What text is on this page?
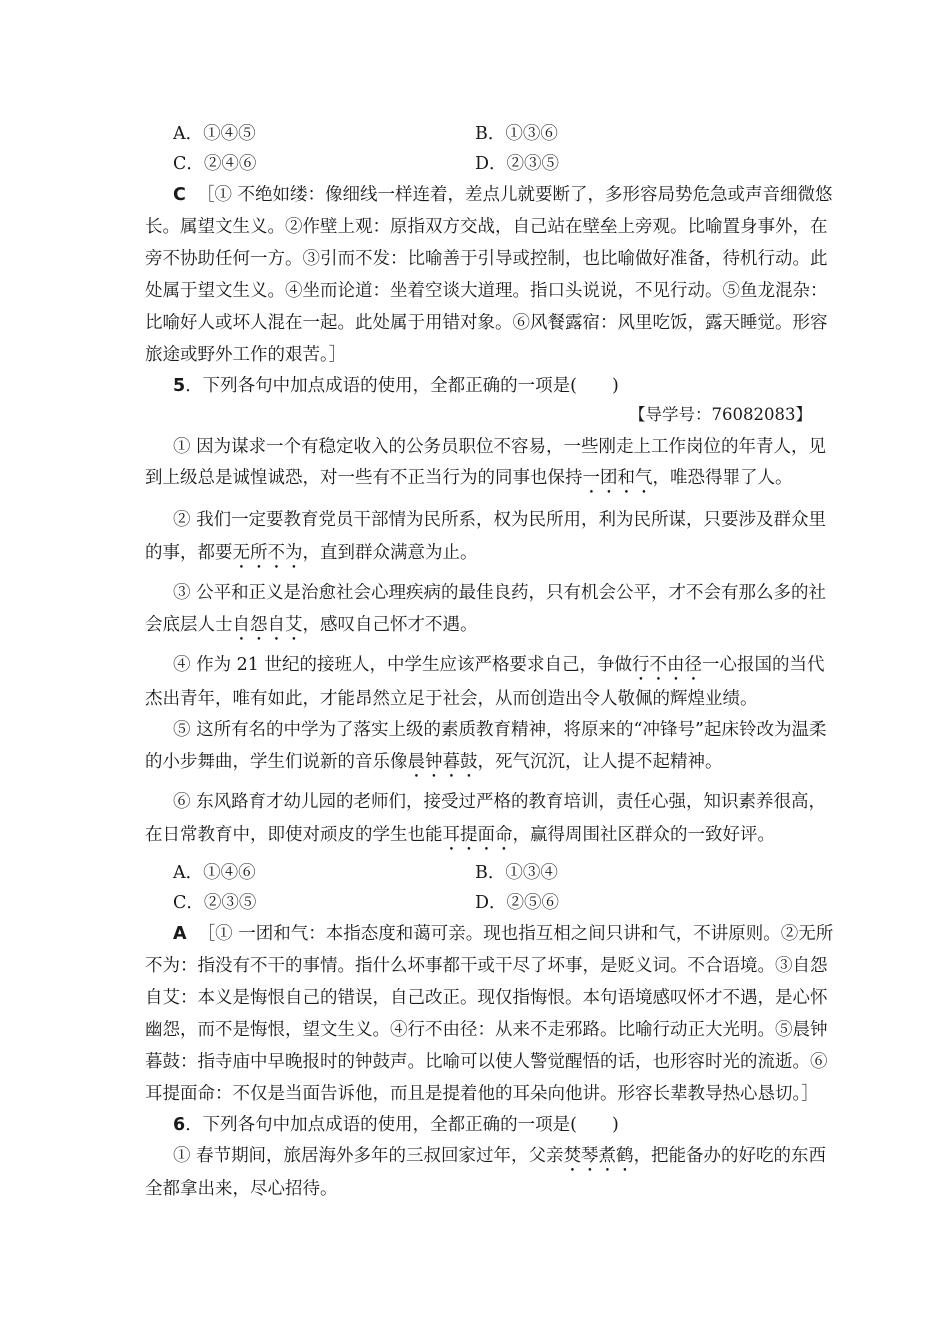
A．①④⑤	B．①③⑥
C．②④⑥	D．②③⑤
C ［① 不绝如缕：像细线一样连着，差点儿就要断了，多形容局势危急或声音细微悠
长。属望文生义。②作壁上观：原指双方交战，自己站在壁垒上旁观。比喻置身事外，在
旁不协助任何一方。③引而不发：比喻善于引导或控制，也比喻做好准备，待机行动。此
处属于望文生义。④坐而论道：坐着空谈大道理。指口头说说，不见行动。⑤鱼龙混杂：
比喻好人或坏人混在一起。此处属于用错对象。⑥风餐露宿：风里吃饭，露天睡觉。形容
旅途或野外工作的艰苦。］
5．下列各句中加点成语的使用，全都正确的一项是(　　)
【导学号：76082083】
① 因为谋求一个有稳定收入的公务员职位不容易，一些刚走上工作岗位的年青人，见
到上级总是诚惶诚恐，对一些有不正当行为的同事也保持一团和气，唯恐得罪了人。
② 我们一定要教育党员干部情为民所系，权为民所用，利为民所谋，只要涉及群众里
的事，都要无所不为，直到群众满意为止。
③ 公平和正义是治愈社会心理疾病的最佳良药，只有机会公平，才不会有那么多的社
会底层人士自怨自艾，感叹自己怀才不遇。
④ 作为 21 世纪的接班人，中学生应该严格要求自己，争做行不由径一心报国的当代
杰出青年，唯有如此，才能昂然立足于社会，从而创造出令人敬佩的辉煌业绩。
⑤ 这所有名的中学为了落实上级的素质教育精神，将原来的“冲锋号”起床铃改为温柔
的小步舞曲，学生们说新的音乐像晨钟暮鼓，死气沉沉，让人提不起精神。
⑥ 东风路育才幼儿园的老师们，接受过严格的教育培训，责任心强，知识素养很高，
在日常教育中，即使对顽皮的学生也能耳提面命，赢得周围社区群众的一致好评。
A．①④⑥	B．①③④
C．②③⑤	D．②⑤⑥
A ［① 一团和气：本指态度和蔼可亲。现也指互相之间只讲和气，不讲原则。②无所
不为：指没有不干的事情。指什么坏事都干或干尽了坏事，是贬义词。不合语境。③自怨
自艾：本义是悔恨自己的错误，自己改正。现仅指悔恨。本句语境感叹怀才不遇，是心怀
幽怨，而不是悔恨，望文生义。④行不由径：从来不走邪路。比喻行动正大光明。⑤晨钟
暮鼓：指寺庙中早晚报时的钟鼓声。比喻可以使人警觉醒悟的话，也形容时光的流逝。⑥
耳提面命：不仅是当面告诉他，而且是提着他的耳朵向他讲。形容长辈教导热心恳切。］
6．下列各句中加点成语的使用，全都正确的一项是(　　)
① 春节期间，旅居海外多年的三叔回家过年，父亲焚琴煮鹤，把能备办的好吃的东西
全都拿出来，尽心招待。
